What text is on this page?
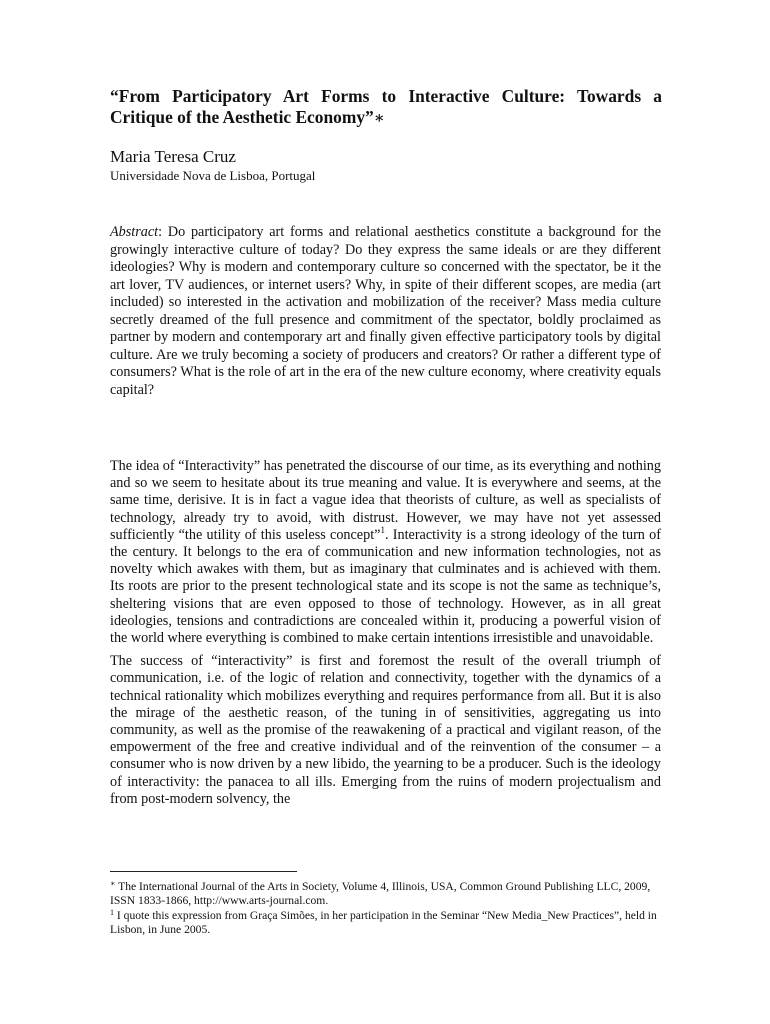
“From Participatory Art Forms to Interactive Culture: Towards a Critique of the Aesthetic Economy”∗
Maria Teresa Cruz
Universidade Nova de Lisboa, Portugal
Abstract: Do participatory art forms and relational aesthetics constitute a background for the growingly interactive culture of today? Do they express the same ideals or are they different ideologies? Why is modern and contemporary culture so concerned with the spectator, be it the art lover, TV audiences, or internet users? Why, in spite of their different scopes, are media (art included) so interested in the activation and mobilization of the receiver? Mass media culture secretly dreamed of the full presence and commitment of the spectator, boldly proclaimed as partner by modern and contemporary art and finally given effective participatory tools by digital culture. Are we truly becoming a society of producers and creators? Or rather a different type of consumers? What is the role of art in the era of the new culture economy, where creativity equals capital?

The idea of “Interactivity” has penetrated the discourse of our time, as its everything and nothing and so we seem to hesitate about its true meaning and value. It is everywhere and seems, at the same time, derisive. It is in fact a vague idea that theorists of culture, as well as specialists of technology, already try to avoid, with distrust. However, we may have not yet assessed sufficiently “the utility of this useless concept”$^1$. Interactivity is a strong ideology of the turn of the century. It belongs to the era of communication and new information technologies, not as novelty which awakes with them, but as imaginary that culminates and is achieved with them. Its roots are prior to the present technological state and its scope is not the same as technique’s, sheltering visions that are even opposed to those of technology. However, as in all great ideologies, tensions and contradictions are concealed within it, producing a powerful vision of the world where everything is combined to make certain intentions irresistible and unavoidable.

The success of “interactivity” is first and foremost the result of the overall triumph of communication, i.e. of the logic of relation and connectivity, together with the dynamics of a technical rationality which mobilizes everything and requires performance from all. But it is also the mirage of the aesthetic reason, of the tuning in of sensitivities, aggregating us into community, as well as the promise of the reawakening of a practical and vigilant reason, of the empowerment of the free and creative individual and of the reinvention of the consumer – a consumer who is now driven by a new libido, the yearning to be a producer. Such is the ideology of interactivity: the panacea to all ills. Emerging from the ruins of modern projectualism and from post-modern solvency, the

∗ The International Journal of the Arts in Society, Volume 4, Illinois, USA, Common Ground Publishing LLC, 2009, ISSN 1833-1866, http://www.arts-journal.com.

$^1$ I quote this expression from Graça Simões, in her participation in the Seminar “New Media_New Practices”, held in Lisbon, in June 2005.
